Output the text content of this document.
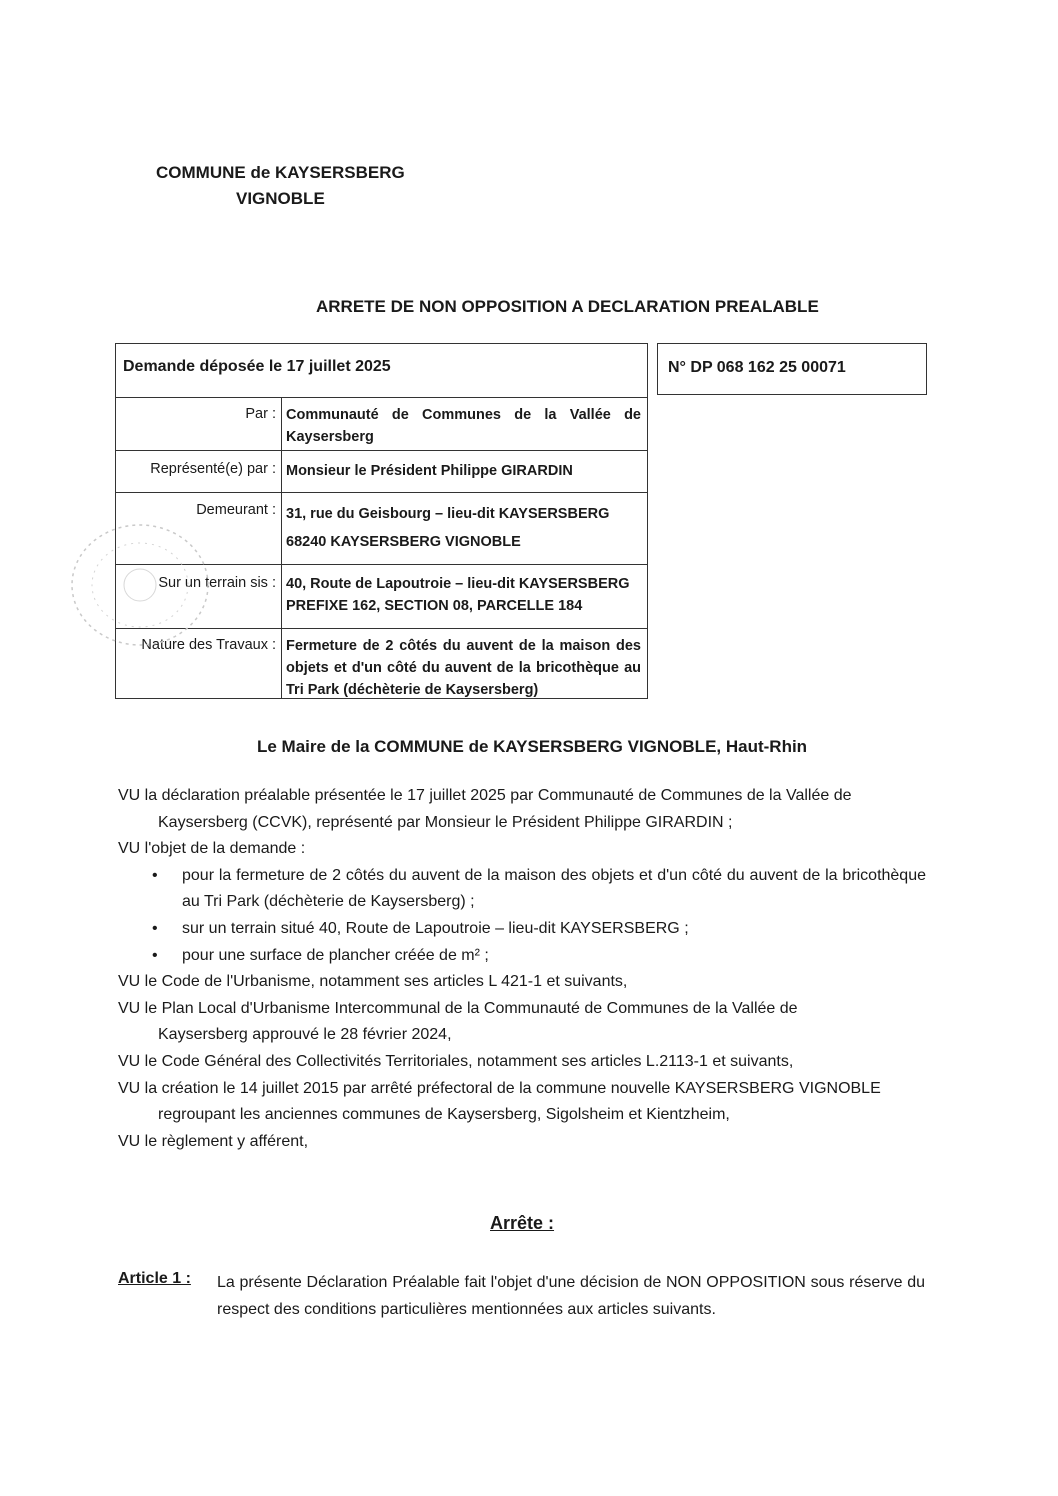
COMMUNE de KAYSERSBERG
VIGNOBLE
ARRETE DE NON OPPOSITION A DECLARATION PREALABLE
Demande déposée le 17 juillet 2025
Par : Communauté de Communes de la Vallée de Kaysersberg
Représenté(e) par : Monsieur le Président Philippe GIRARDIN
Demeurant : 31, rue du Geisbourg – lieu-dit KAYSERSBERG
68240 KAYSERSBERG VIGNOBLE
Sur un terrain sis : 40, Route de Lapoutroie – lieu-dit KAYSERSBERG
PREFIXE 162, SECTION 08, PARCELLE 184
Nature des Travaux : Fermeture de 2 côtés du auvent de la maison des objets et d'un côté du auvent de la bricothèque au Tri Park (déchèterie de Kaysersberg)
N° DP 068 162 25 00071
Le Maire de la COMMUNE de KAYSERSBERG VIGNOBLE, Haut-Rhin

VU la déclaration préalable présentée le 17 juillet 2025 par Communauté de Communes de la Vallée de

Kaysersberg (CCVK), représenté par Monsieur le Président Philippe GIRARDIN ;

VU l'objet de la demande :

• pour la fermeture de 2 côtés du auvent de la maison des objets et d'un côté du auvent de la bricothèque au Tri Park (déchèterie de Kaysersberg) ;
• sur un terrain situé 40, Route de Lapoutroie – lieu-dit KAYSERSBERG ;
• pour une surface de plancher créée de m² ;

VU le Code de l'Urbanisme, notamment ses articles L 421-1 et suivants,

VU le Plan Local d'Urbanisme Intercommunal de la Communauté de Communes de la Vallée de

Kaysersberg approuvé le 28 février 2024,

VU le Code Général des Collectivités Territoriales, notamment ses articles L.2113-1 et suivants,

VU la création le 14 juillet 2015 par arrêté préfectoral de la commune nouvelle KAYSERSBERG VIGNOBLE

regroupant les anciennes communes de Kaysersberg, Sigolsheim et Kientzheim,

VU le règlement y afférent,

Arrête :
Article 1 : La présente Déclaration Préalable fait l'objet d'une décision de NON OPPOSITION sous réserve du respect des conditions particulières mentionnées aux articles suivants.
